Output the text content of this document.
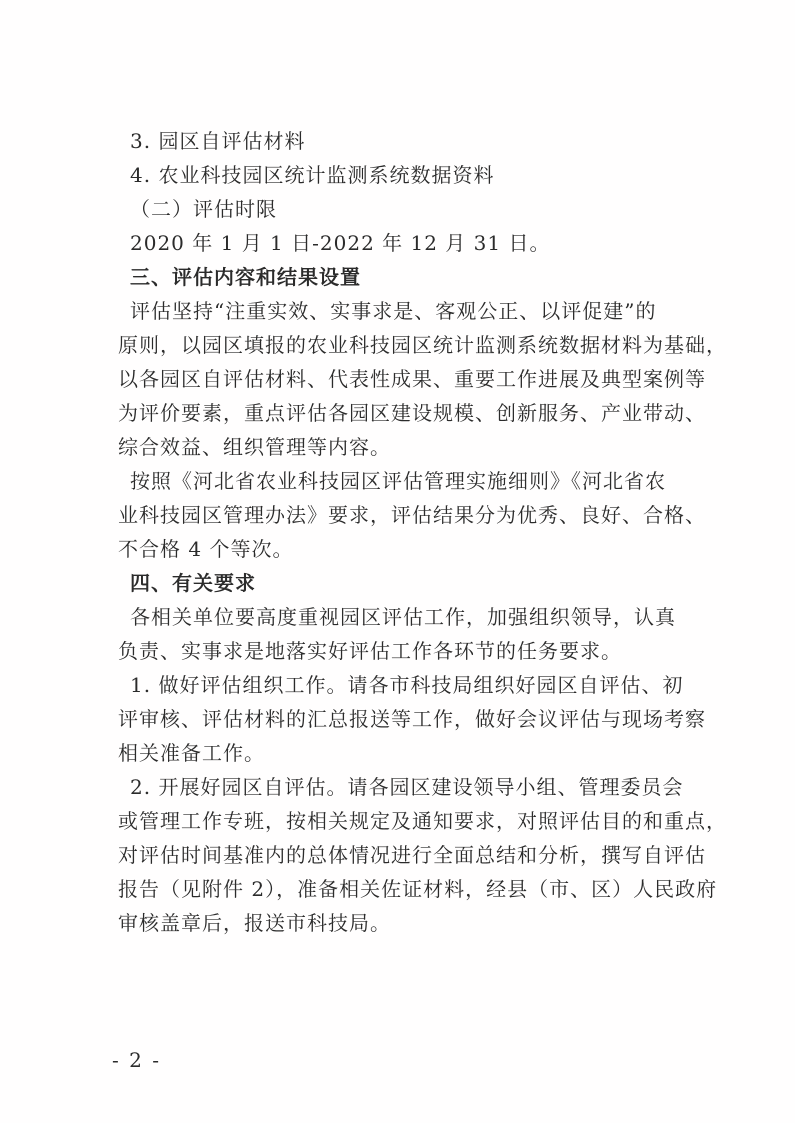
3. 园区自评估材料
4. 农业科技园区统计监测系统数据资料
（二）评估时限
2020 年 1 月 1 日-2022 年 12 月 31 日。
三、评估内容和结果设置
评估坚持“注重实效、实事求是、客观公正、以评促建”的
原则，以园区填报的农业科技园区统计监测系统数据材料为基础，
以各园区自评估材料、代表性成果、重要工作进展及典型案例等
为评价要素，重点评估各园区建设规模、创新服务、产业带动、
综合效益、组织管理等内容。
按照《河北省农业科技园区评估管理实施细则》《河北省农
业科技园区管理办法》要求，评估结果分为优秀、良好、合格、
不合格 4 个等次。
四、有关要求
各相关单位要高度重视园区评估工作，加强组织领导，认真
负责、实事求是地落实好评估工作各环节的任务要求。
1. 做好评估组织工作。请各市科技局组织好园区自评估、初
评审核、评估材料的汇总报送等工作，做好会议评估与现场考察
相关准备工作。
2. 开展好园区自评估。请各园区建设领导小组、管理委员会
或管理工作专班，按相关规定及通知要求，对照评估目的和重点，
对评估时间基准内的总体情况进行全面总结和分析，撰写自评估
报告（见附件 2），准备相关佐证材料，经县（市、区）人民政府
审核盖章后，报送市科技局。
- 2 -
